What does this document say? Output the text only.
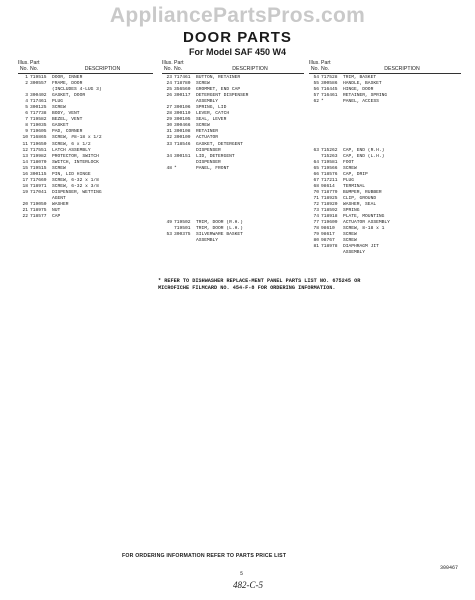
AppliancePartsPros.com
DOOR PARTS
For Model SAF 450 W4
Illus. Part
No. No.	DESCRIPTION
1 719515	DOOR, INNER
2 300557	FRAME, DOOR
(INCLUDES 4-LUG 3)
3 300402	GASKET, DOOR
4 717461	PLUG
5 300125	SCREW
6 717738	BODY, VENT
7 719582	BEZEL, VENT
8 719035	GASKET
9 719605	PAD, CORNER
10 716865	SCREW, #8-18 x 1/2
11 719650	SCREW, 6 x 1/2
12 717551	LATCH ASSEMBLY
13 719982	PROTECTOR, SWITCH
14 718070	SWITCH, INTERLOCK
15 719515	SCREW
16 300115	PIN, LID HINGE
17 717669	SCREW, 6-32 x 1/8
18 718971	SCREW, 6-32 x 3/8
19 717041	DISPENSER, WETTING
AGENT
20 719050	WASHER
21 718975	NUT
22 718577	CAP
Illus. Part
No. No.	DESCRIPTION
23 717461	BUTTON, RETAINER
24 718780	SCREW
25 356560	GROMMET, END CAP
26 300117	DETERGENT DISPENSER
ASSEMBLY
27 300106	SPRING, LID
28 300110	LEVER, CATCH
29 300105	SEAL, LEVER
30 300466	SCREW
31 300108	RETAINER
32 300109	ACTUATOR
33 718546	GASKET, DETERGENT
DISPENSER
34 300151	LID, DETERGENT
DISPENSER
48 *	PANEL, FRONT

49 719502	TRIM, DOOR (R.H.)
719501	TRIM, DOOR (L.H.)
53 300375	SILVERWARE BASKET
ASSEMBLY
Illus. Part
No. No.	DESCRIPTION
54 717528	TRIM, BASKET
55 300586	HANDLE, BASKET
56 716445	HINGE, DOOR
57 716461	RETAINER, SPRING
62 *	PANEL, ACCESS

63 715262	CAP, END (R.H.)
715263	CAP, END (L.H.)
64 719581	FOOT
65 719566	SCREW
66 718576	CAP, DRIP
67 717211	PLUG
68 98614	TERMINAL
70 718779	BUMPER, RUBBER
71 718925	CLIP, GROUND
72 718920	WASHER, SEAL
73 718592	SPRING
74 718918	PLATE, MOUNTING
77 719609	ACTUATOR ASSEMBLY
78 98610	SCREW, 8-18 x 1
79 98617	SCREW
80 98767	SCREW
81 718978	DIAPHRAGM JIT
ASSEMBLY
* REFER TO DISHWASHER REPLACE-MENT PANEL PARTS LIST NO. 675245 OR MICROFICHE FILMCARD NO. 454-F-8 FOR ORDERING INFORMATION.
FOR ORDERING INFORMATION REFER TO PARTS PRICE LIST
5
300467
482-C-5
